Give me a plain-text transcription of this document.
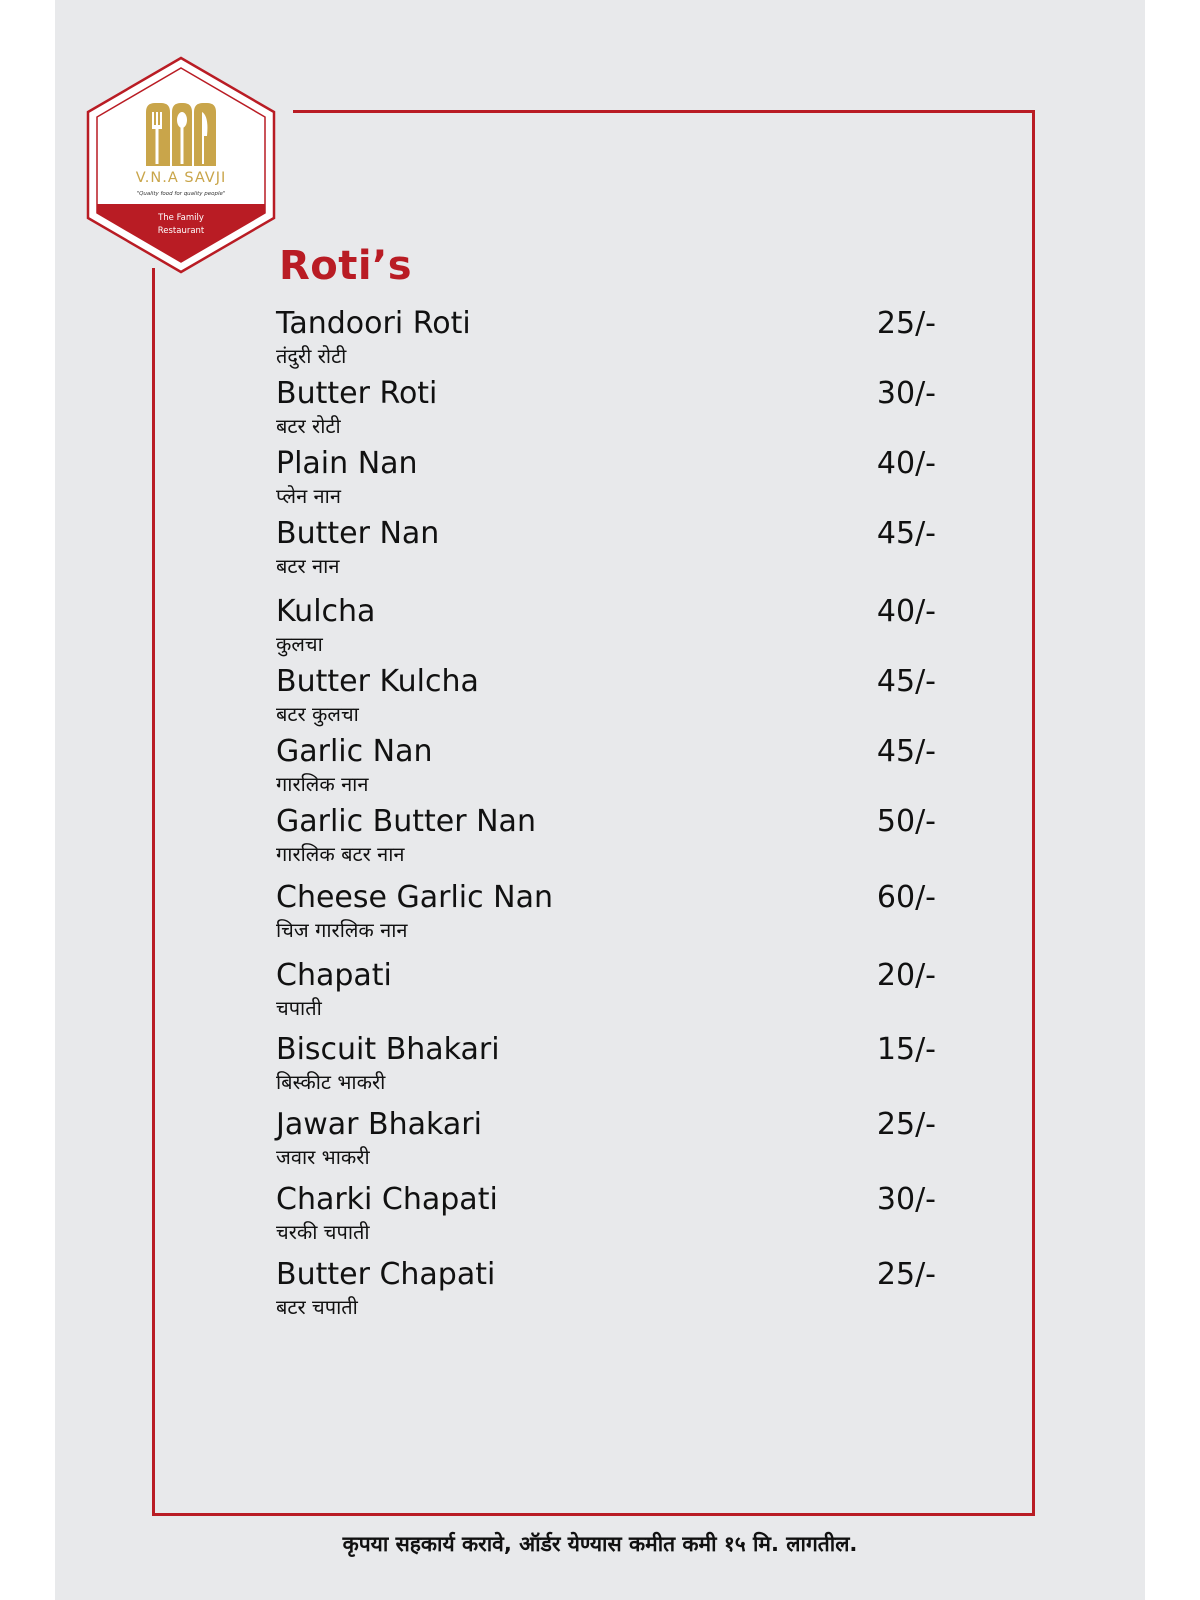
V.N.A SAVJI
"Quality food for quality people"
The Family
Restaurant
Roti’s
Tandoori Roti
तंदुरी रोटी
25/-
Butter Roti
बटर रोटी
30/-
Plain Nan
प्लेन नान
40/-
Butter Nan
बटर नान
45/-
Kulcha
कुलचा
40/-
Butter Kulcha
बटर कुलचा
45/-
Garlic Nan
गारलिक नान
45/-
Garlic Butter Nan
गारलिक बटर नान
50/-
Cheese Garlic Nan
चिज गारलिक नान
60/-
Chapati
चपाती
20/-
Biscuit Bhakari
बिस्कीट भाकरी
15/-
Jawar Bhakari
जवार भाकरी
25/-
Charki Chapati
चरकी चपाती
30/-
Butter Chapati
बटर चपाती
25/-
कृपया सहकार्य करावे, ऑर्डर येण्यास कमीत कमी १५ मि. लागतील.
